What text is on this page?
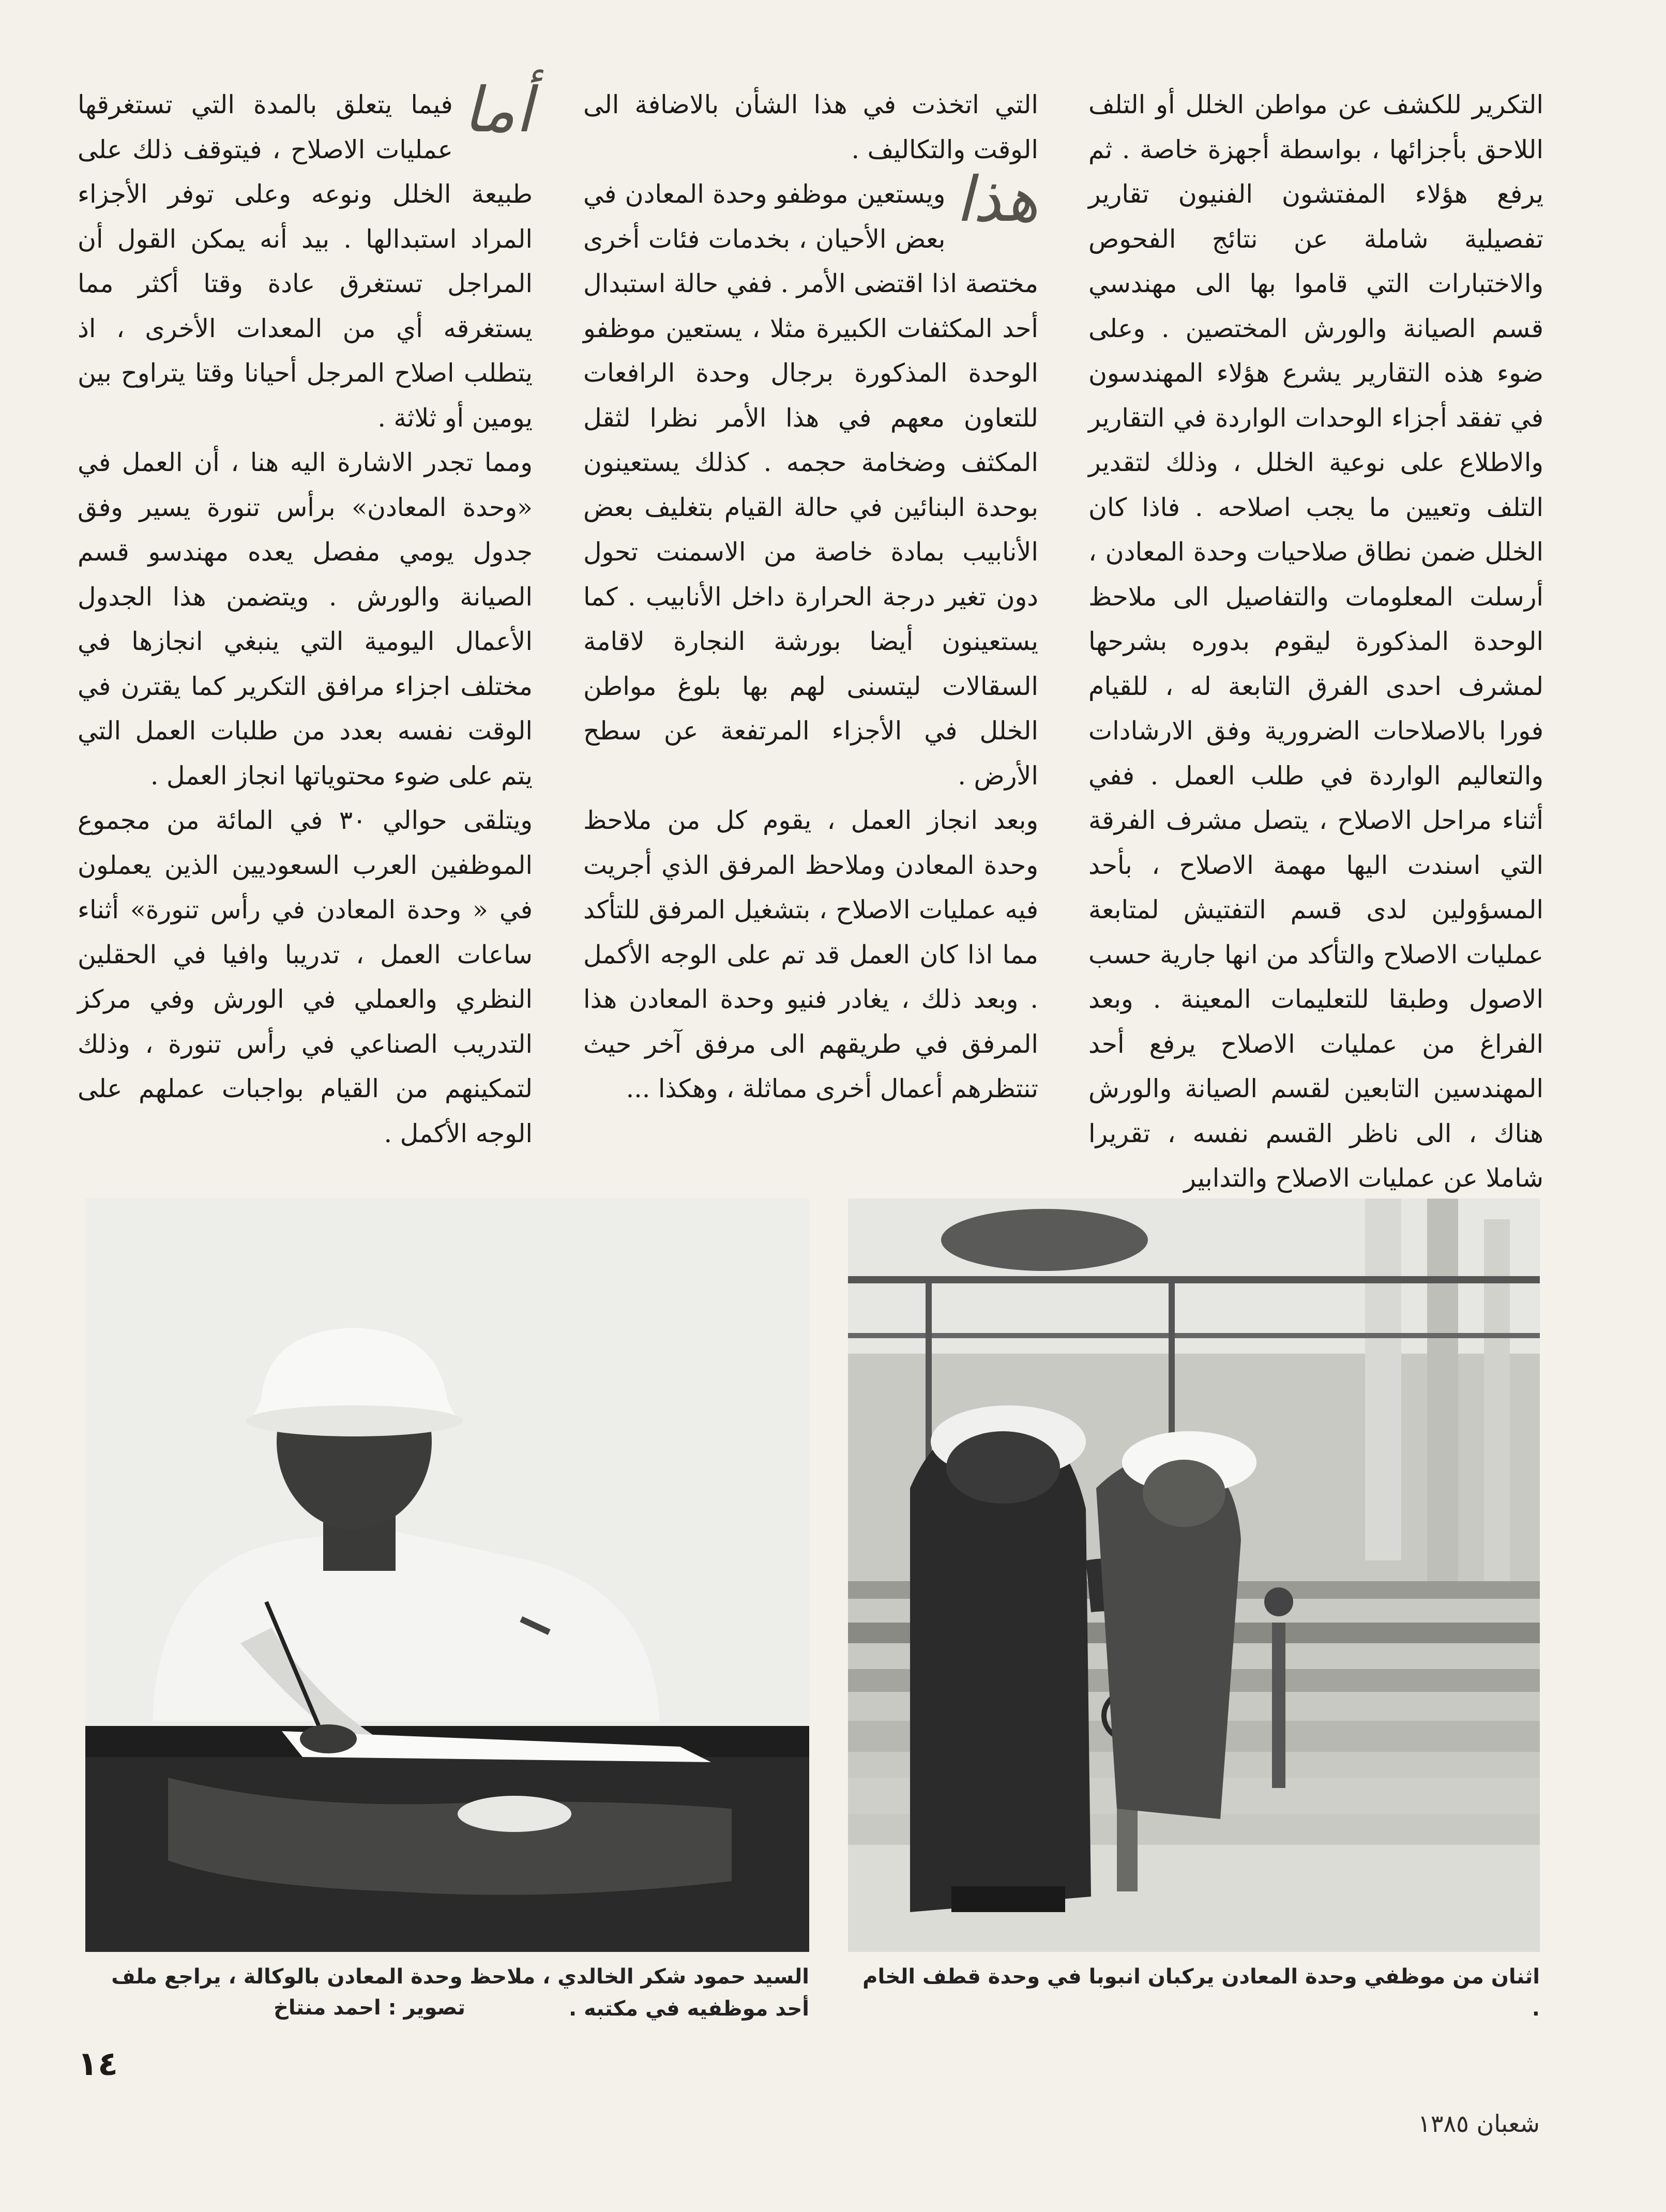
التكرير للكشف عن مواطن الخلل أو التلف اللاحق بأجزائها ، بواسطة أجهزة خاصة . ثم يرفع هؤلاء المفتشون الفنيون تقارير تفصيلية شاملة عن نتائج الفحوص والاختبارات التي قاموا بها الى مهندسي قسم الصيانة والورش المختصين . وعلى ضوء هذه التقارير يشرع هؤلاء المهندسون في تفقد أجزاء الوحدات الواردة في التقارير والاطلاع على نوعية الخلل ، وذلك لتقدير التلف وتعيين ما يجب اصلاحه . فاذا كان الخلل ضمن نطاق صلاحيات وحدة المعادن ، أرسلت المعلومات والتفاصيل الى ملاحظ الوحدة المذكورة ليقوم بدوره بشرحها لمشرف احدى الفرق التابعة له ، للقيام فورا بالاصلاحات الضرورية وفق الارشادات والتعاليم الواردة في طلب العمل . ففي أثناء مراحل الاصلاح ، يتصل مشرف الفرقة التي اسندت اليها مهمة الاصلاح ، بأحد المسؤولين لدى قسم التفتيش لمتابعة عمليات الاصلاح والتأكد من انها جارية حسب الاصول وطبقا للتعليمات المعينة . وبعد الفراغ من عمليات الاصلاح يرفع أحد المهندسين التابعين لقسم الصيانة والورش هناك ، الى ناظر القسم نفسه ، تقريرا شاملا عن عمليات الاصلاح والتدابير

التي اتخذت في هذا الشأن بالاضافة الى الوقت والتكاليف .

هذا
ويستعين موظفو وحدة المعادن في بعض الأحيان ، بخدمات فئات أخرى مختصة اذا اقتضى الأمر . ففي حالة استبدال أحد المكثفات الكبيرة مثلا ، يستعين موظفو الوحدة المذكورة برجال وحدة الرافعات للتعاون معهم في هذا الأمر نظرا لثقل المكثف وضخامة حجمه . كذلك يستعينون بوحدة البنائين في حالة القيام بتغليف بعض الأنابيب بمادة خاصة من الاسمنت تحول دون تغير درجة الحرارة داخل الأنابيب . كما يستعينون أيضا بورشة النجارة لاقامة السقالات ليتسنى لهم بها بلوغ مواطن الخلل في الأجزاء المرتفعة عن سطح الأرض .

وبعد انجاز العمل ، يقوم كل من ملاحظ وحدة المعادن وملاحظ المرفق الذي أجريت فيه عمليات الاصلاح ، بتشغيل المرفق للتأكد مما اذا كان العمل قد تم على الوجه الأكمل . وبعد ذلك ، يغادر فنيو وحدة المعادن هذا المرفق في طريقهم الى مرفق آخر حيث تنتظرهم أعمال أخرى مماثلة ، وهكذا ...

أما
فيما يتعلق بالمدة التي تستغرقها عمليات الاصلاح ، فيتوقف ذلك على طبيعة الخلل ونوعه وعلى توفر الأجزاء المراد استبدالها . بيد أنه يمكن القول أن المراجل تستغرق عادة وقتا أكثر مما يستغرقه أي من المعدات الأخرى ، اذ يتطلب اصلاح المرجل أحيانا وقتا يتراوح بين يومين أو ثلاثة .

ومما تجدر الاشارة اليه هنا ، أن العمل في «وحدة المعادن» برأس تنورة يسير وفق جدول يومي مفصل يعده مهندسو قسم الصيانة والورش . ويتضمن هذا الجدول الأعمال اليومية التي ينبغي انجازها في مختلف اجزاء مرافق التكرير كما يقترن في الوقت نفسه بعدد من طلبات العمل التي يتم على ضوء محتوياتها انجاز العمل .

ويتلقى حوالي ٣٠ في المائة من مجموع الموظفين العرب السعوديين الذين يعملون في « وحدة المعادن في رأس تنورة» أثناء ساعات العمل ، تدريبا وافيا في الحقلين النظري والعملي في الورش وفي مركز التدريب الصناعي في رأس تنورة ، وذلك لتمكينهم من القيام بواجبات عملهم على الوجه الأكمل .

اثنان من موظفي وحدة المعادن يركبان انبوبا في وحدة قطف الخام .
السيد حمود شكر الخالدي ، ملاحظ وحدة المعادن بالوكالة ، يراجع ملف أحد موظفيه في مكتبه .
تصوير : احمد منتاخ
١٤
شعبان ١٣٨٥
